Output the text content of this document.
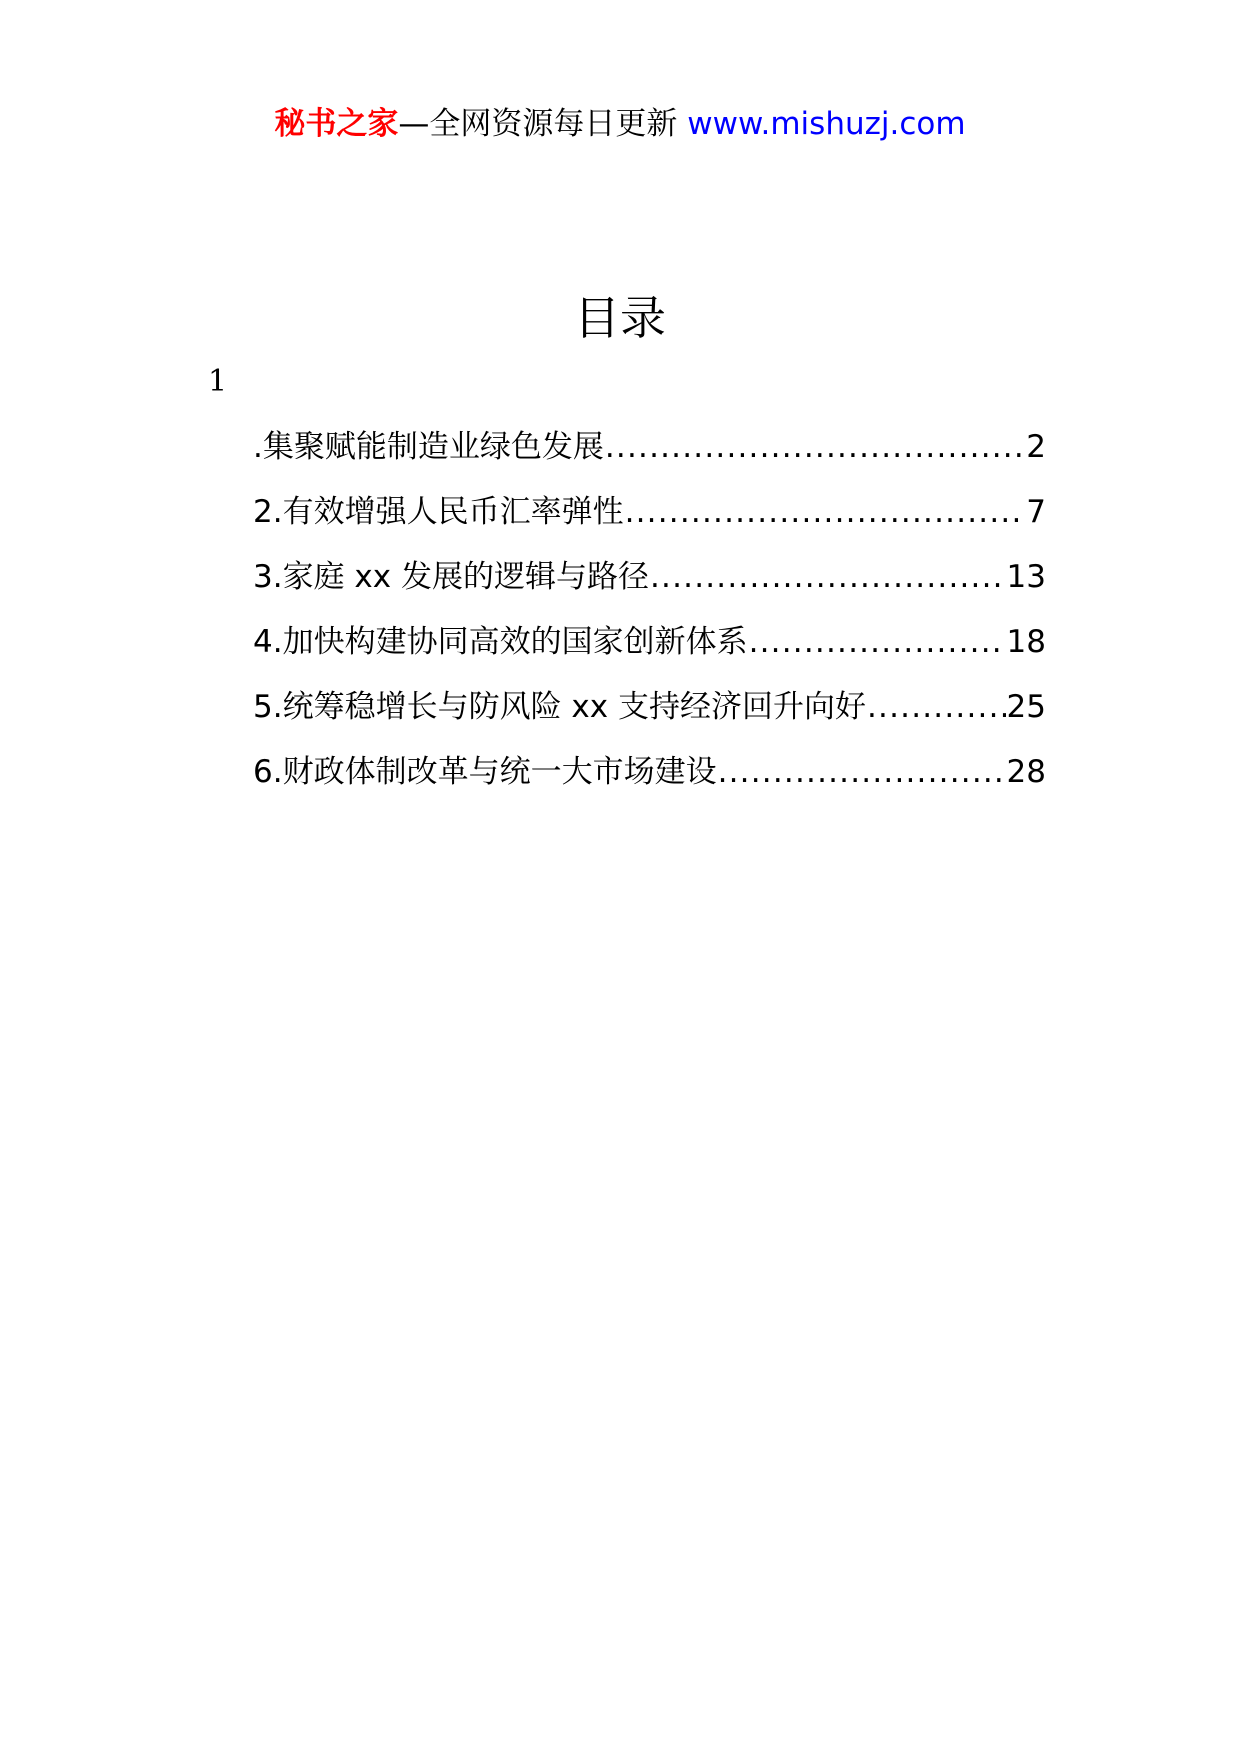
秘书之家—全网资源每日更新 www.mishuzj.com
目录
1
.集聚赋能制造业绿色发展 .....	2
2.有效增强人民币汇率弹性 .....	7
3.家庭 xx 发展的逻辑与路径 .....	13
4.加快构建协同高效的国家创新体系 .....	18
5.统筹稳增长与防风险 xx 支持经济回升向好 .....	25
6.财政体制改革与统一大市场建设 .....	28
